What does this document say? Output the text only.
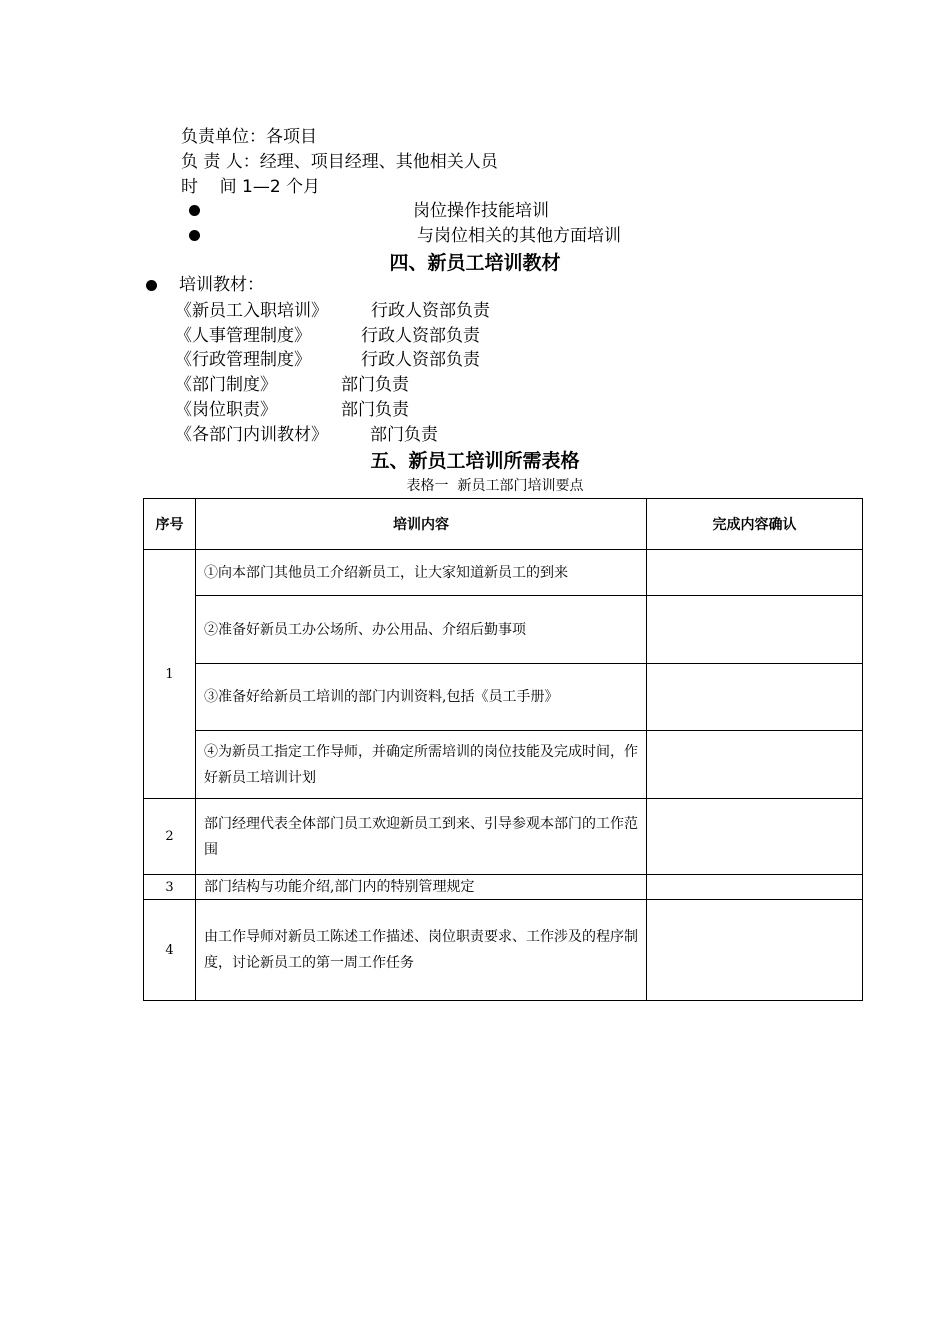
负责单位：各项目
负 责 人：经理、项目经理、其他相关人员
时    间 1—2 个月
岗位操作技能培训
与岗位相关的其他方面培训
四、新员工培训教材
培训教材：
《新员工入职培训》	行政人资部负责
《人事管理制度》	行政人资部负责
《行政管理制度》	行政人资部负责
《部门制度》	部门负责
《岗位职责》	部门负责
《各部门内训教材》 部门负责
五、新员工培训所需表格
表格一  新员工部门培训要点
序号	培训内容	完成内容确认
1	①向本部门其他员工介绍新员工，让大家知道新员工的到来	

	②准备好新员工办公场所、办公用品、介绍后勤事项	

	③准备好给新员工培训的部门内训资料,包括《员工手册》	

	④为新员工指定工作导师，并确定所需培训的岗位技能及完成时间，作好新员工培训计划	

2	部门经理代表全体部门员工欢迎新员工到来、引导参观本部门的工作范围	

3	部门结构与功能介绍,部门内的特别管理规定	

4	由工作导师对新员工陈述工作描述、岗位职责要求、工作涉及的程序制度，讨论新员工的第一周工作任务	
